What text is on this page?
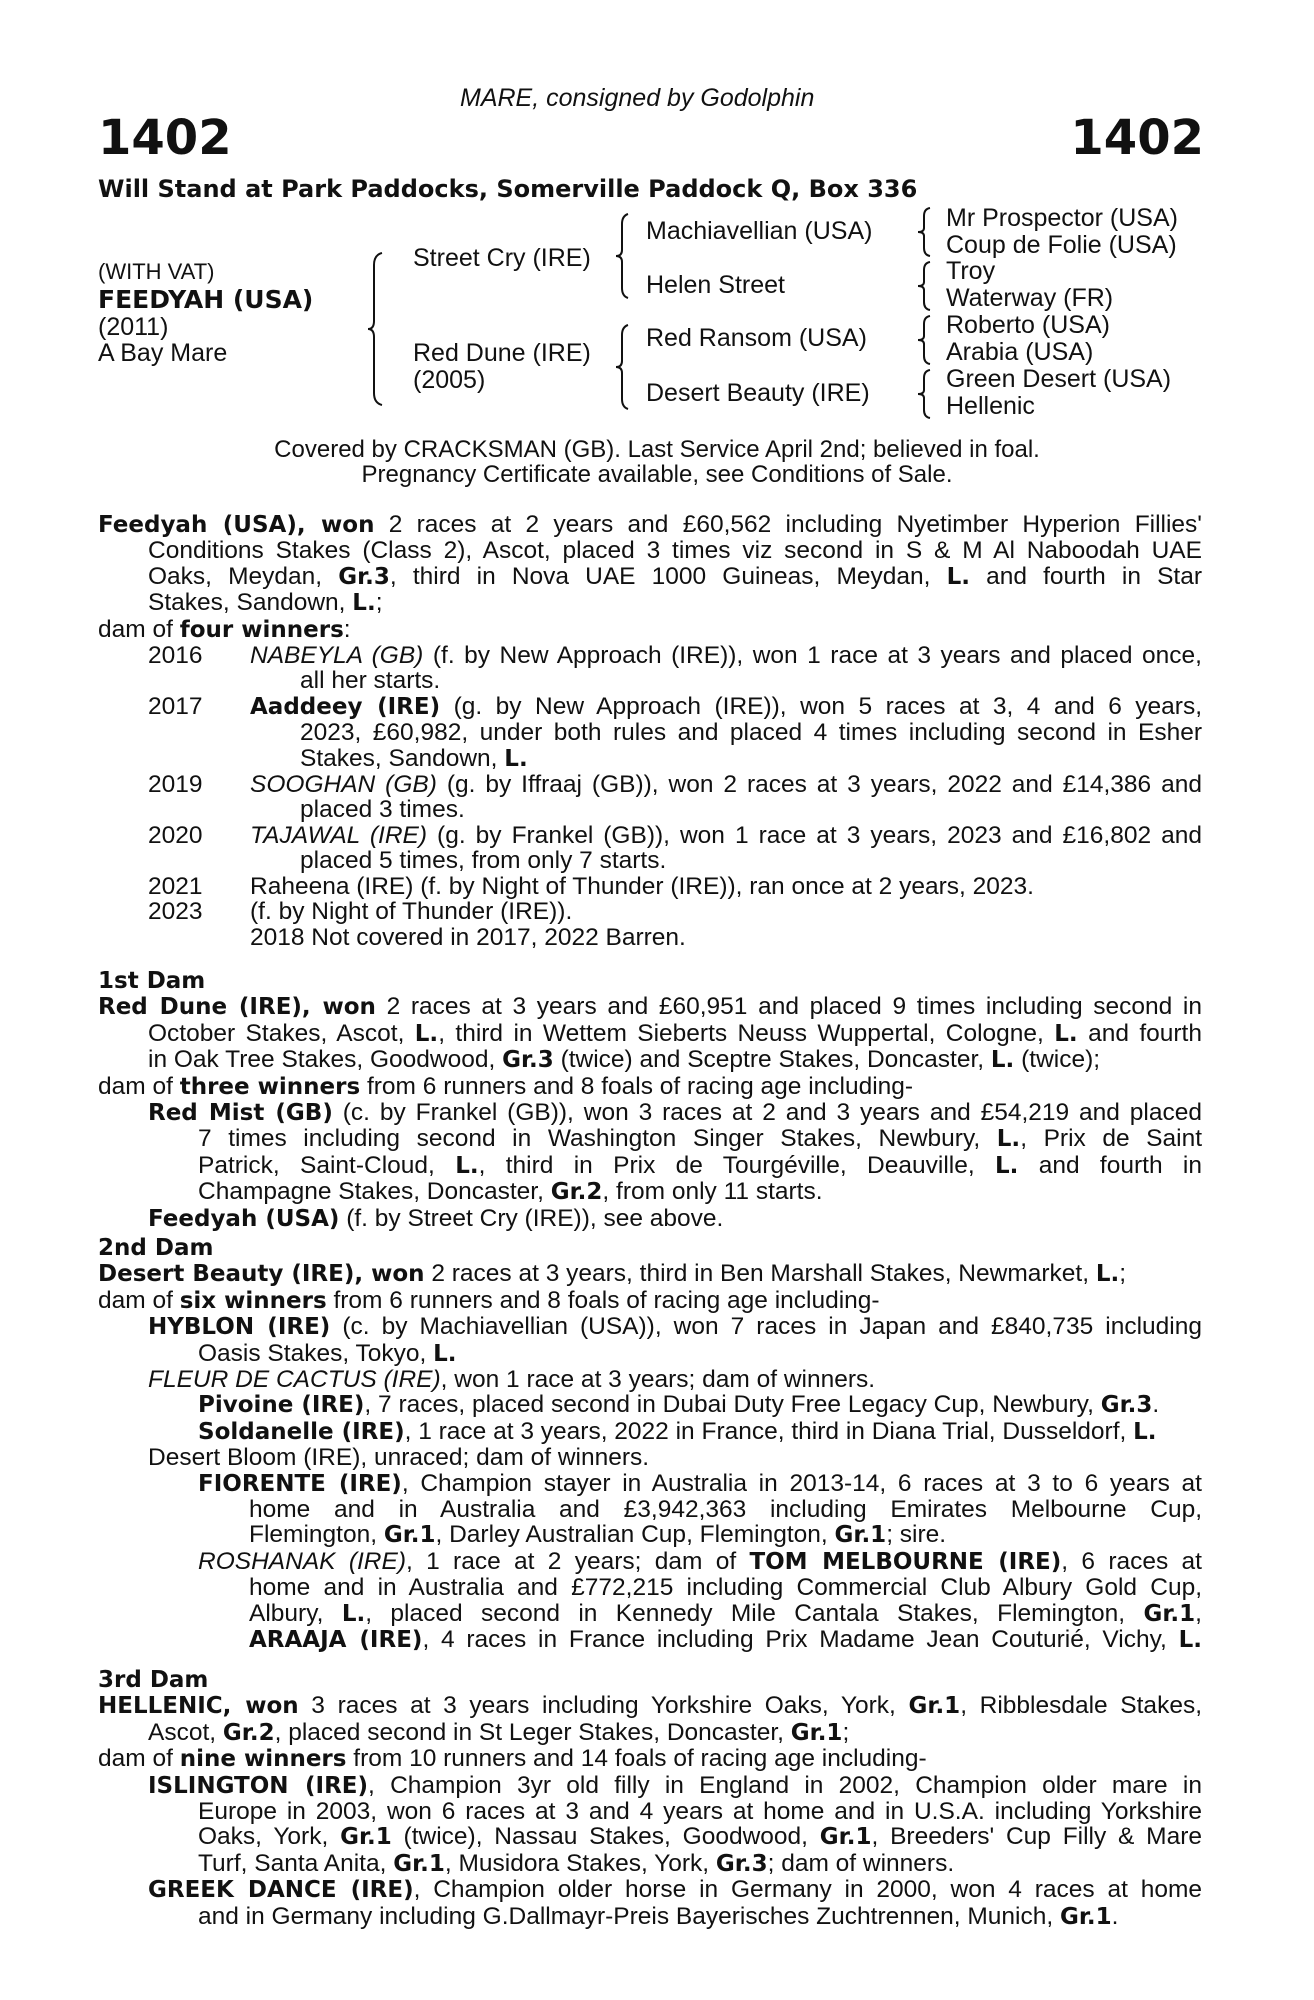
MARE, consigned by Godolphin
1402	1402
Will Stand at Park Paddocks, Somerville Paddock Q, Box 336
(WITH VAT)
FEEDYAH (USA)
(2011)
A Bay Mare
Street Cry (IRE)
Red Dune (IRE)
(2005)
Machiavellian (USA)
Helen Street
Red Ransom (USA)
Desert Beauty (IRE)
Mr Prospector (USA)
Coup de Folie (USA)
Troy
Waterway (FR)
Roberto (USA)
Arabia (USA)
Green Desert (USA)
Hellenic
Covered by CRACKSMAN (GB). Last Service April 2nd; believed in foal.
Pregnancy Certificate available, see Conditions of Sale.
Feedyah (USA), won 2 races at 2 years and £60,562 including Nyetimber Hyperion Fillies'
Conditions Stakes (Class 2), Ascot, placed 3 times viz second in S & M Al Naboodah UAE
Oaks, Meydan, Gr.3, third in Nova UAE 1000 Guineas, Meydan, L. and fourth in Star
Stakes, Sandown, L.;
dam of four winners:
2016 NABEYLA (GB) (f. by New Approach (IRE)), won 1 race at 3 years and placed once,
all her starts.
2017 Aaddeey (IRE) (g. by New Approach (IRE)), won 5 races at 3, 4 and 6 years,
2023, £60,982, under both rules and placed 4 times including second in Esher
Stakes, Sandown, L.
2019 SOOGHAN (GB) (g. by Iffraaj (GB)), won 2 races at 3 years, 2022 and £14,386 and
placed 3 times.
2020 TAJAWAL (IRE) (g. by Frankel (GB)), won 1 race at 3 years, 2023 and £16,802 and
placed 5 times, from only 7 starts.
2021 Raheena (IRE) (f. by Night of Thunder (IRE)), ran once at 2 years, 2023.
2023 (f. by Night of Thunder (IRE)).
2018 Not covered in 2017, 2022 Barren.
1st Dam
Red Dune (IRE), won 2 races at 3 years and £60,951 and placed 9 times including second in
October Stakes, Ascot, L., third in Wettem Sieberts Neuss Wuppertal, Cologne, L. and fourth
in Oak Tree Stakes, Goodwood, Gr.3 (twice) and Sceptre Stakes, Doncaster, L. (twice);
dam of three winners from 6 runners and 8 foals of racing age including-
Red Mist (GB) (c. by Frankel (GB)), won 3 races at 2 and 3 years and £54,219 and placed
7 times including second in Washington Singer Stakes, Newbury, L., Prix de Saint
Patrick, Saint-Cloud, L., third in Prix de Tourgéville, Deauville, L. and fourth in
Champagne Stakes, Doncaster, Gr.2, from only 11 starts.
Feedyah (USA) (f. by Street Cry (IRE)), see above.
2nd Dam
Desert Beauty (IRE), won 2 races at 3 years, third in Ben Marshall Stakes, Newmarket, L.;
dam of six winners from 6 runners and 8 foals of racing age including-
HYBLON (IRE) (c. by Machiavellian (USA)), won 7 races in Japan and £840,735 including
Oasis Stakes, Tokyo, L.
FLEUR DE CACTUS (IRE), won 1 race at 3 years; dam of winners.
Pivoine (IRE), 7 races, placed second in Dubai Duty Free Legacy Cup, Newbury, Gr.3.
Soldanelle (IRE), 1 race at 3 years, 2022 in France, third in Diana Trial, Dusseldorf, L.
Desert Bloom (IRE), unraced; dam of winners.
FIORENTE (IRE), Champion stayer in Australia in 2013-14, 6 races at 3 to 6 years at
home and in Australia and £3,942,363 including Emirates Melbourne Cup,
Flemington, Gr.1, Darley Australian Cup, Flemington, Gr.1; sire.
ROSHANAK (IRE), 1 race at 2 years; dam of TOM MELBOURNE (IRE), 6 races at
home and in Australia and £772,215 including Commercial Club Albury Gold Cup,
Albury, L., placed second in Kennedy Mile Cantala Stakes, Flemington, Gr.1,
ARAAJA (IRE), 4 races in France including Prix Madame Jean Couturié, Vichy, L.
3rd Dam
HELLENIC, won 3 races at 3 years including Yorkshire Oaks, York, Gr.1, Ribblesdale Stakes,
Ascot, Gr.2, placed second in St Leger Stakes, Doncaster, Gr.1;
dam of nine winners from 10 runners and 14 foals of racing age including-
ISLINGTON (IRE), Champion 3yr old filly in England in 2002, Champion older mare in
Europe in 2003, won 6 races at 3 and 4 years at home and in U.S.A. including Yorkshire
Oaks, York, Gr.1 (twice), Nassau Stakes, Goodwood, Gr.1, Breeders' Cup Filly & Mare
Turf, Santa Anita, Gr.1, Musidora Stakes, York, Gr.3; dam of winners.
GREEK DANCE (IRE), Champion older horse in Germany in 2000, won 4 races at home
and in Germany including G.Dallmayr-Preis Bayerisches Zuchtrennen, Munich, Gr.1.
